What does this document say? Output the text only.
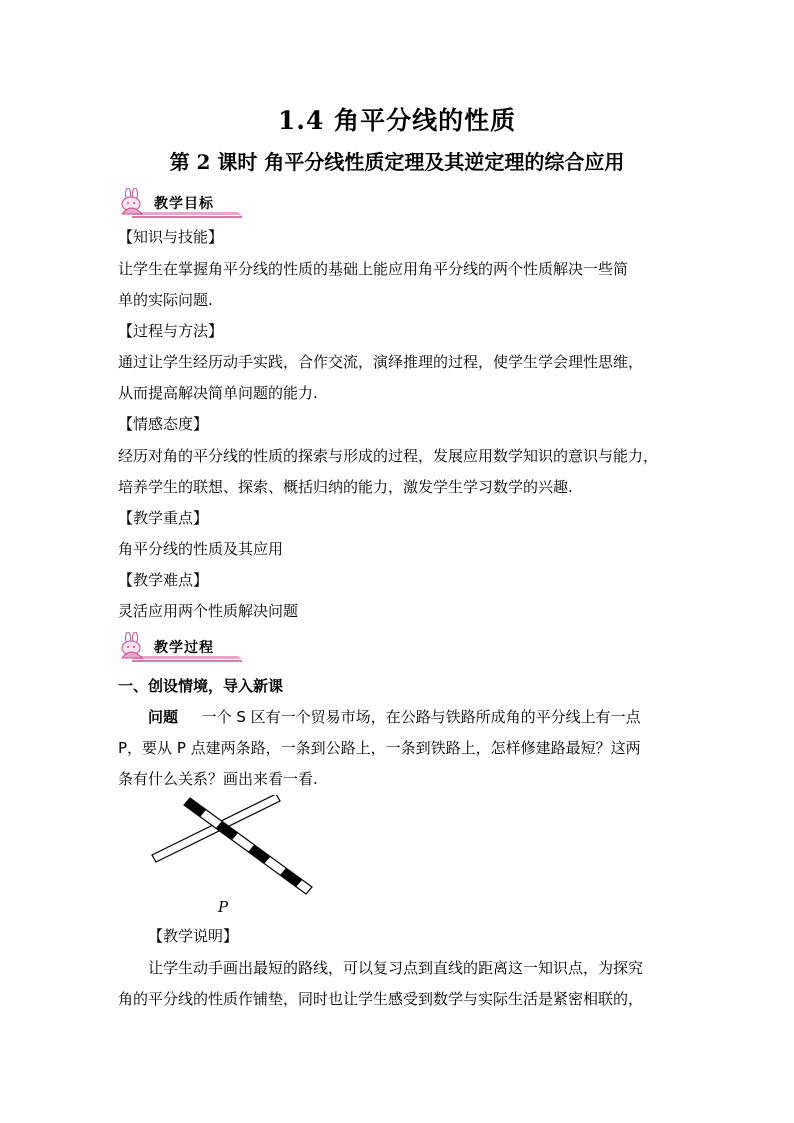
1.4 角平分线的性质
第 2 课时 角平分线性质定理及其逆定理的综合应用
教学目标
【知识与技能】
让学生在掌握角平分线的性质的基础上能应用角平分线的两个性质解决一些简
单的实际问题.
【过程与方法】
通过让学生经历动手实践，合作交流，演绎推理的过程，使学生学会理性思维，
从而提高解决简单问题的能力.
【情感态度】
经历对角的平分线的性质的探索与形成的过程，发展应用数学知识的意识与能力，
培养学生的联想、探索、概括归纳的能力，激发学生学习数学的兴趣.
【教学重点】
角平分线的性质及其应用
【教学难点】
灵活应用两个性质解决问题
教学过程
一、创设情境，导入新课
问题 一个 S 区有一个贸易市场，在公路与铁路所成角的平分线上有一点
P，要从 P 点建两条路，一条到公路上，一条到铁路上，怎样修建路最短？这两
条有什么关系？画出来看一看.
P
【教学说明】
让学生动手画出最短的路线，可以复习点到直线的距离这一知识点，为探究
角的平分线的性质作铺垫，同时也让学生感受到数学与实际生活是紧密相联的，
